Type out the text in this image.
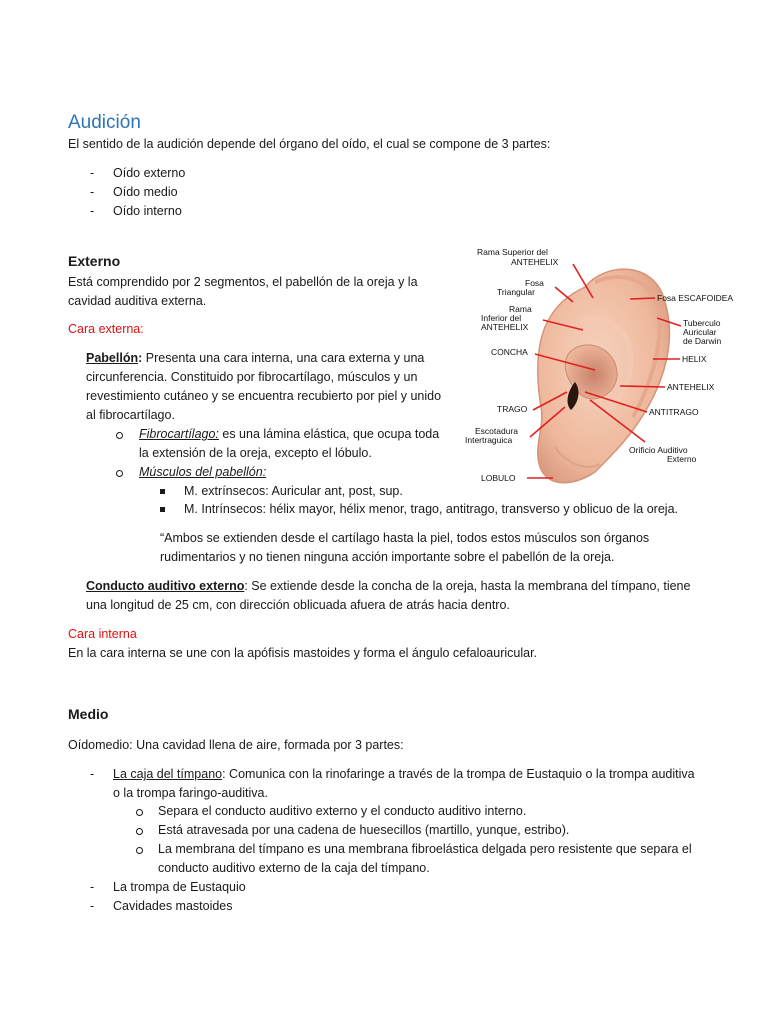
Audición

El sentido de la audición depende del órgano del oído, el cual se compone de 3 partes:

- Oído externo

- Oído medio

- Oído interno

Externo

Está comprendido por 2 segmentos, el pabellón de la oreja y la

cavidad auditiva externa.

Cara externa:

Pabellón: Presenta una cara interna, una cara externa y una

circunferencia. Constituido por fibrocartílago, músculos y un

revestimiento cutáneo y se encuentra recubierto por piel y unido

al fibrocartílago.

Fibrocartílago: es una lámina elástica, que ocupa toda

la extensión de la oreja, excepto el lóbulo.

Músculos del pabellón:

M. extrínsecos: Auricular ant, post, sup.

M. Intrínsecos: hélix mayor, hélix menor, trago, antitrago, transverso y oblicuo de la oreja.

“Ambos se extienden desde el cartílago hasta la piel, todos estos músculos son órganos

rudimentarios y no tienen ninguna acción importante sobre el pabellón de la oreja.

Conducto auditivo externo: Se extiende desde la concha de la oreja, hasta la membrana del tímpano, tiene

una longitud de 25 cm, con dirección oblicuada afuera de atrás hacia dentro.

Cara interna

En la cara interna se une con la apófisis mastoides y forma el ángulo cefaloauricular.

Rama Superior del
ANTEHELIX
Fosa
Triangular
Rama
Inferior del
ANTEHELIX
CONCHA
TRAGO
Escotadura
Intertraguica
LOBULO
Fosa ESCAFOIDEA
Tuberculo
Auricular
de Darwin
HELIX
ANTEHELIX
ANTITRAGO
Orificio Auditivo
Externo

Medio

Oídomedio: Una cavidad llena de aire, formada por 3 partes:

- La caja del tímpano: Comunica con la rinofaringe a través de la trompa de Eustaquio o la trompa auditiva

o la trompa faringo-auditiva.

Separa el conducto auditivo externo y el conducto auditivo interno.

Está atravesada por una cadena de huesecillos (martillo, yunque, estribo).

La membrana del tímpano es una membrana fibroelástica delgada pero resistente que separa el

conducto auditivo externo de la caja del tímpano.

- La trompa de Eustaquio

- Cavidades mastoides
